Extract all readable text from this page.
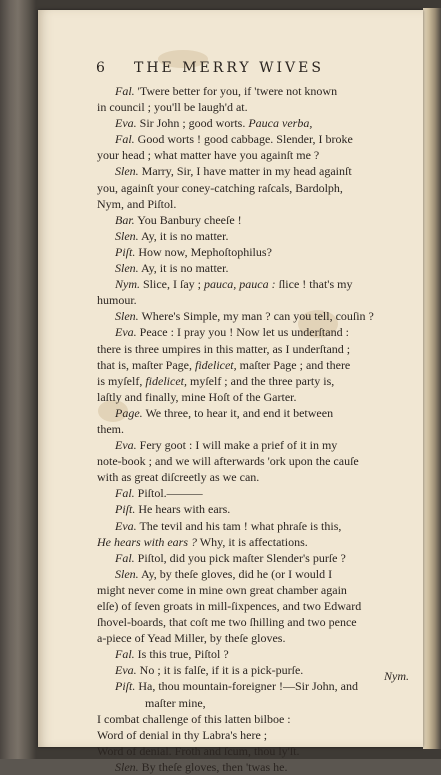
6 THE MERRY WIVES
Fal. 'Twere better for you, if 'twere not known
in council ; you'll be laugh'd at.
Eva. Sir John ; good worts. Pauca verba,
Fal. Good worts ! good cabbage. Slender, I broke
your head ; what matter have you againſt me ?
Slen. Marry, Sir, I have matter in my head againſt
you, againſt your coney-catching raſcals, Bardolph,
Nym, and Piſtol.
Bar. You Banbury cheeſe !
Slen. Ay, it is no matter.
Piſt. How now, Mephoſtophilus?
Slen. Ay, it is no matter.
Nym. Slice, I ſay ; pauca, pauca : ſlice ! that's my
humour.
Slen. Where's Simple, my man ? can you tell, couſin ?
Eva. Peace : I pray you ! Now let us underſtand :
there is three umpires in this matter, as I underſtand ;
that is, maſter Page, fidelicet, maſter Page ; and there
is myſelf, fidelicet, myſelf ; and the three party is,
laſtly and finally, mine Hoſt of the Garter.
Page. We three, to hear it, and end it between
them.
Eva. Fery goot : I will make a prief of it in my
note-book ; and we will afterwards 'ork upon the cauſe
with as great diſcreetly as we can.
Fal. Piſtol.———
Piſt. He hears with ears.
Eva. The tevil and his tam ! what phraſe is this,
He hears with ears ? Why, it is affectations.
Fal. Piſtol, did you pick maſter Slender's purſe ?
Slen. Ay, by theſe gloves, did he (or I would I
might never come in mine own great chamber again
elſe) of ſeven groats in mill-ſixpences, and two Edward
ſhovel-boards, that coſt me two ſhilling and two pence
a-piece of Yead Miller, by theſe gloves.
Fal. Is this true, Piſtol ?
Eva. No ; it is falſe, if it is a pick-purſe.
Piſt. Ha, thou mountain-foreigner !—Sir John, and
maſter mine,
I combat challenge of this latten bilboe :
Word of denial in thy Labra's here ;
Word of denial. Froth and ſcum, thou ly'ſt.
Slen. By theſe gloves, then 'twas he.
Nym.
